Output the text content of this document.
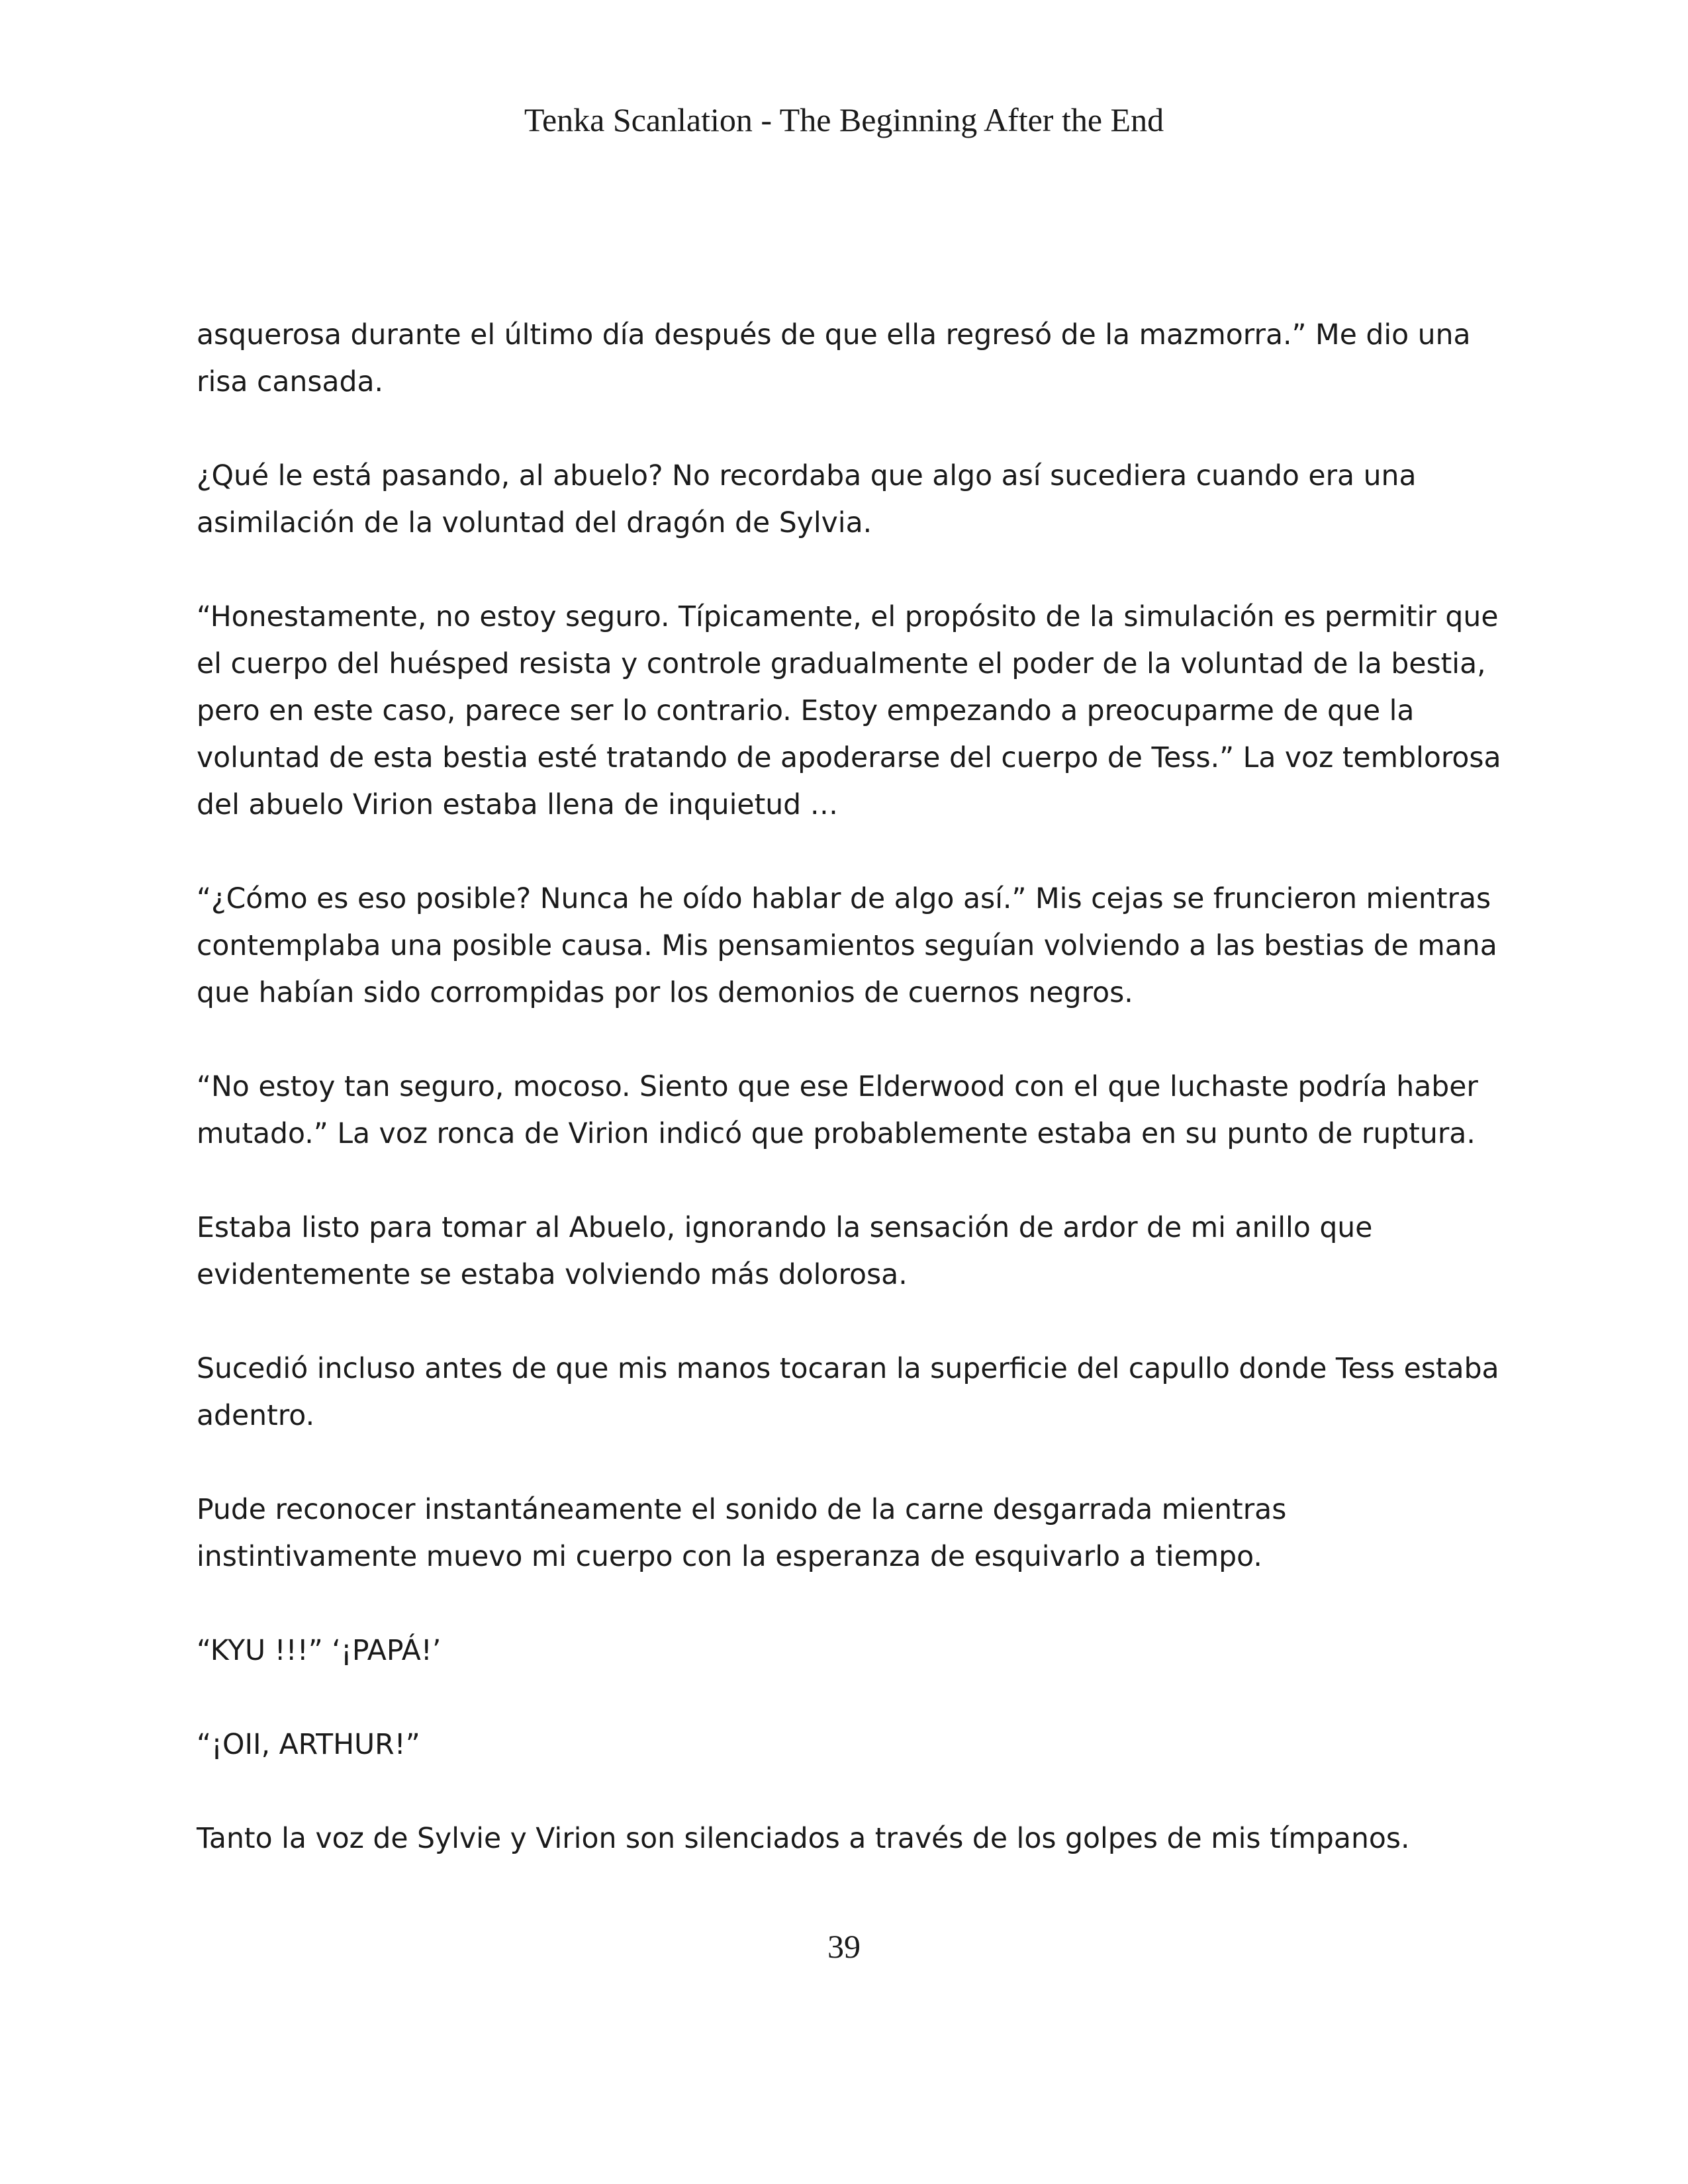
Tenka Scanlation - The Beginning After the End

asquerosa durante el último día después de que ella regresó de la mazmorra.” Me dio una risa cansada.

¿Qué le está pasando, al abuelo? No recordaba que algo así sucediera cuando era una asimilación de la voluntad del dragón de Sylvia.

“Honestamente, no estoy seguro. Típicamente, el propósito de la simulación es permitir que el cuerpo del huésped resista y controle gradualmente el poder de la voluntad de la bestia, pero en este caso, parece ser lo contrario. Estoy empezando a preocuparme de que la voluntad de esta bestia esté tratando de apoderarse del cuerpo de Tess.” La voz temblorosa del abuelo Virion estaba llena de inquietud …

“¿Cómo es eso posible? Nunca he oído hablar de algo así.” Mis cejas se fruncieron mientras contemplaba una posible causa. Mis pensamientos seguían volviendo a las bestias de mana que habían sido corrompidas por los demonios de cuernos negros.

“No estoy tan seguro, mocoso. Siento que ese Elderwood con el que luchaste podría haber mutado.” La voz ronca de Virion indicó que probablemente estaba en su punto de ruptura.

Estaba listo para tomar al Abuelo, ignorando la sensación de ardor de mi anillo que evidentemente se estaba volviendo más dolorosa.

Sucedió incluso antes de que mis manos tocaran la superficie del capullo donde Tess estaba adentro.

Pude reconocer instantáneamente el sonido de la carne desgarrada mientras instintivamente muevo mi cuerpo con la esperanza de esquivarlo a tiempo.

“KYU !!!” ‘¡PAPÁ!’

“¡OII, ARTHUR!”

Tanto la voz de Sylvie y Virion son silenciados a través de los golpes de mis tímpanos.

39
